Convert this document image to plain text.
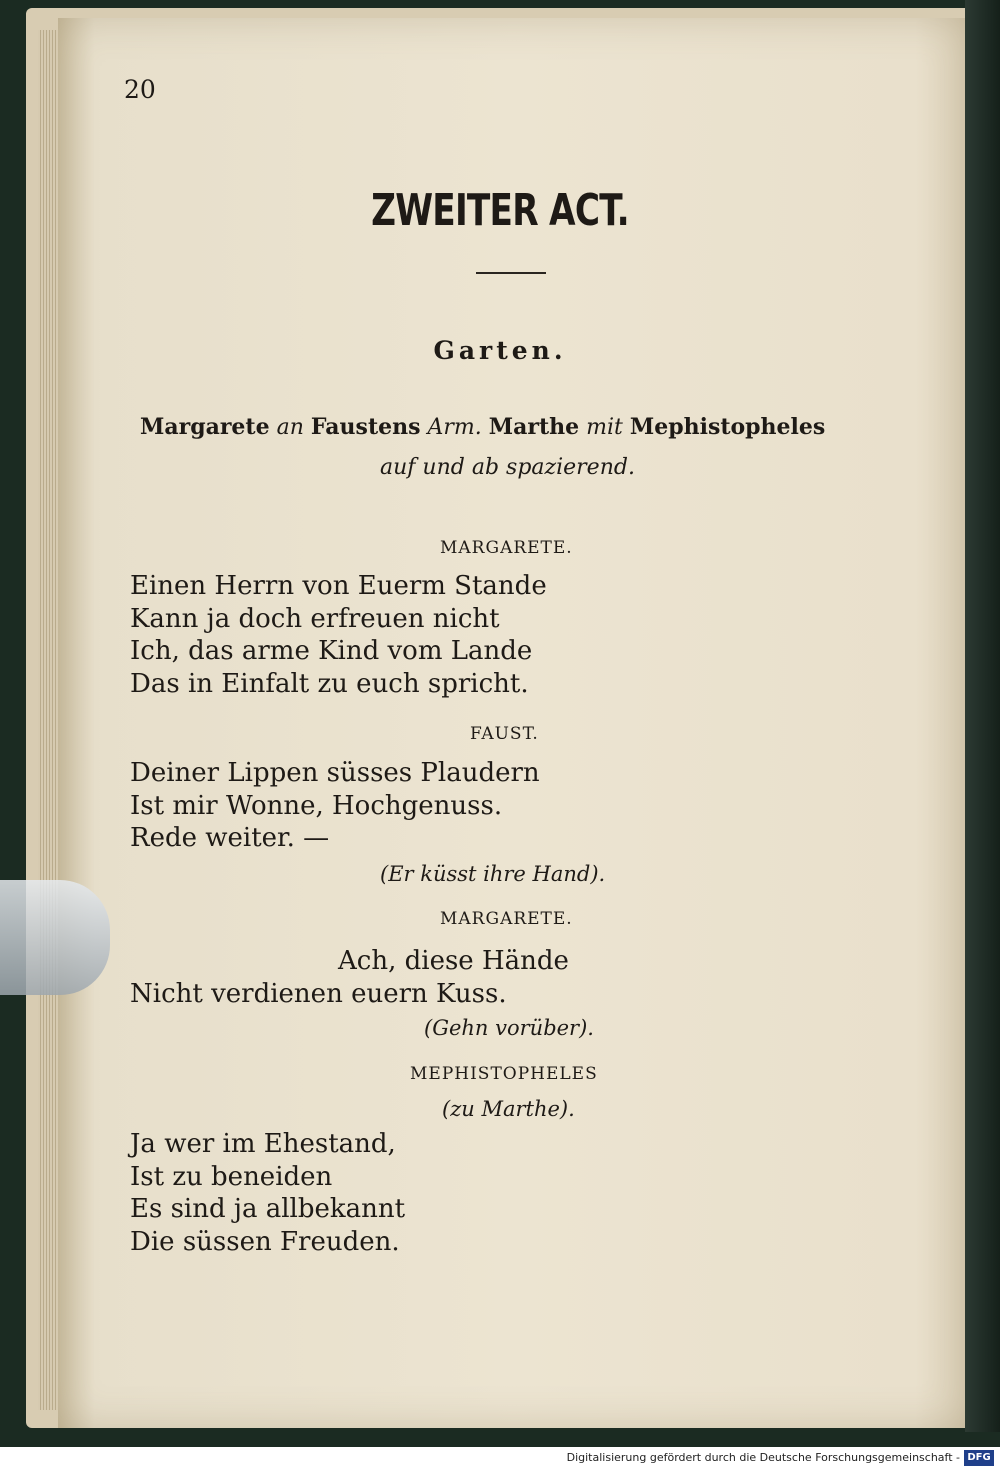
20
ZWEITER ACT.
Garten.
Margarete an Faustens Arm. Marthe mit Mephistopheles
auf und ab spazierend.
MARGARETE.
Einen Herrn von Euerm Stande
Kann ja doch erfreuen nicht
Ich, das arme Kind vom Lande
Das in Einfalt zu euch spricht.
FAUST.
Deiner Lippen süsses Plaudern
Ist mir Wonne, Hochgenuss.
Rede weiter. —
(Er küsst ihre Hand).
MARGARETE.
Ach, diese Hände
Nicht verdienen euern Kuss.
(Gehn vorüber).
MEPHISTOPHELES
(zu Marthe).
Ja wer im Ehestand,
Ist zu beneiden
Es sind ja allbekannt
Die süssen Freuden.
Digitalisierung gefördert durch die Deutsche Forschungsgemeinschaft - DFG
